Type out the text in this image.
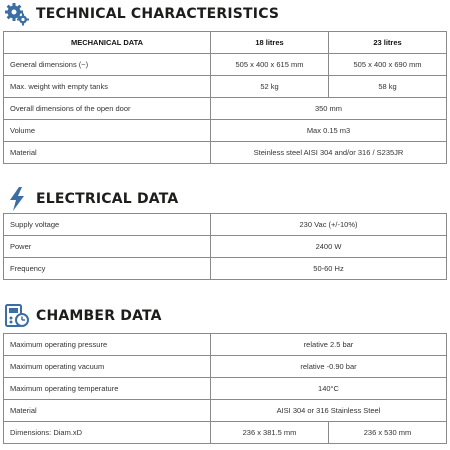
TECHNICAL CHARACTERISTICS
MECHANICAL DATA	18 litres	23 litres
General dimensions (~)	505 x 400 x 615 mm	505 x 400 x 690 mm
Max. weight with empty tanks	52 kg	58 kg
Overall dimensions of the open door	350 mm	
Volume	Max 0.15 m3	
Material	Steinless steel AISI 304 and/or 316 / S235JR	
ELECTRICAL DATA
Supply voltage	230 Vac (+/-10%)
Power	2400 W
Frequency	50-60 Hz
CHAMBER DATA
Maximum operating pressure	relative 2.5 bar	
Maximum operating vacuum	relative -0.90 bar	
Maximum operating temperature	140°C	
Material	AISI 304 or 316 Stainless Steel	
Dimensions: Diam.xD	236 x 381.5 mm	236 x 530 mm
